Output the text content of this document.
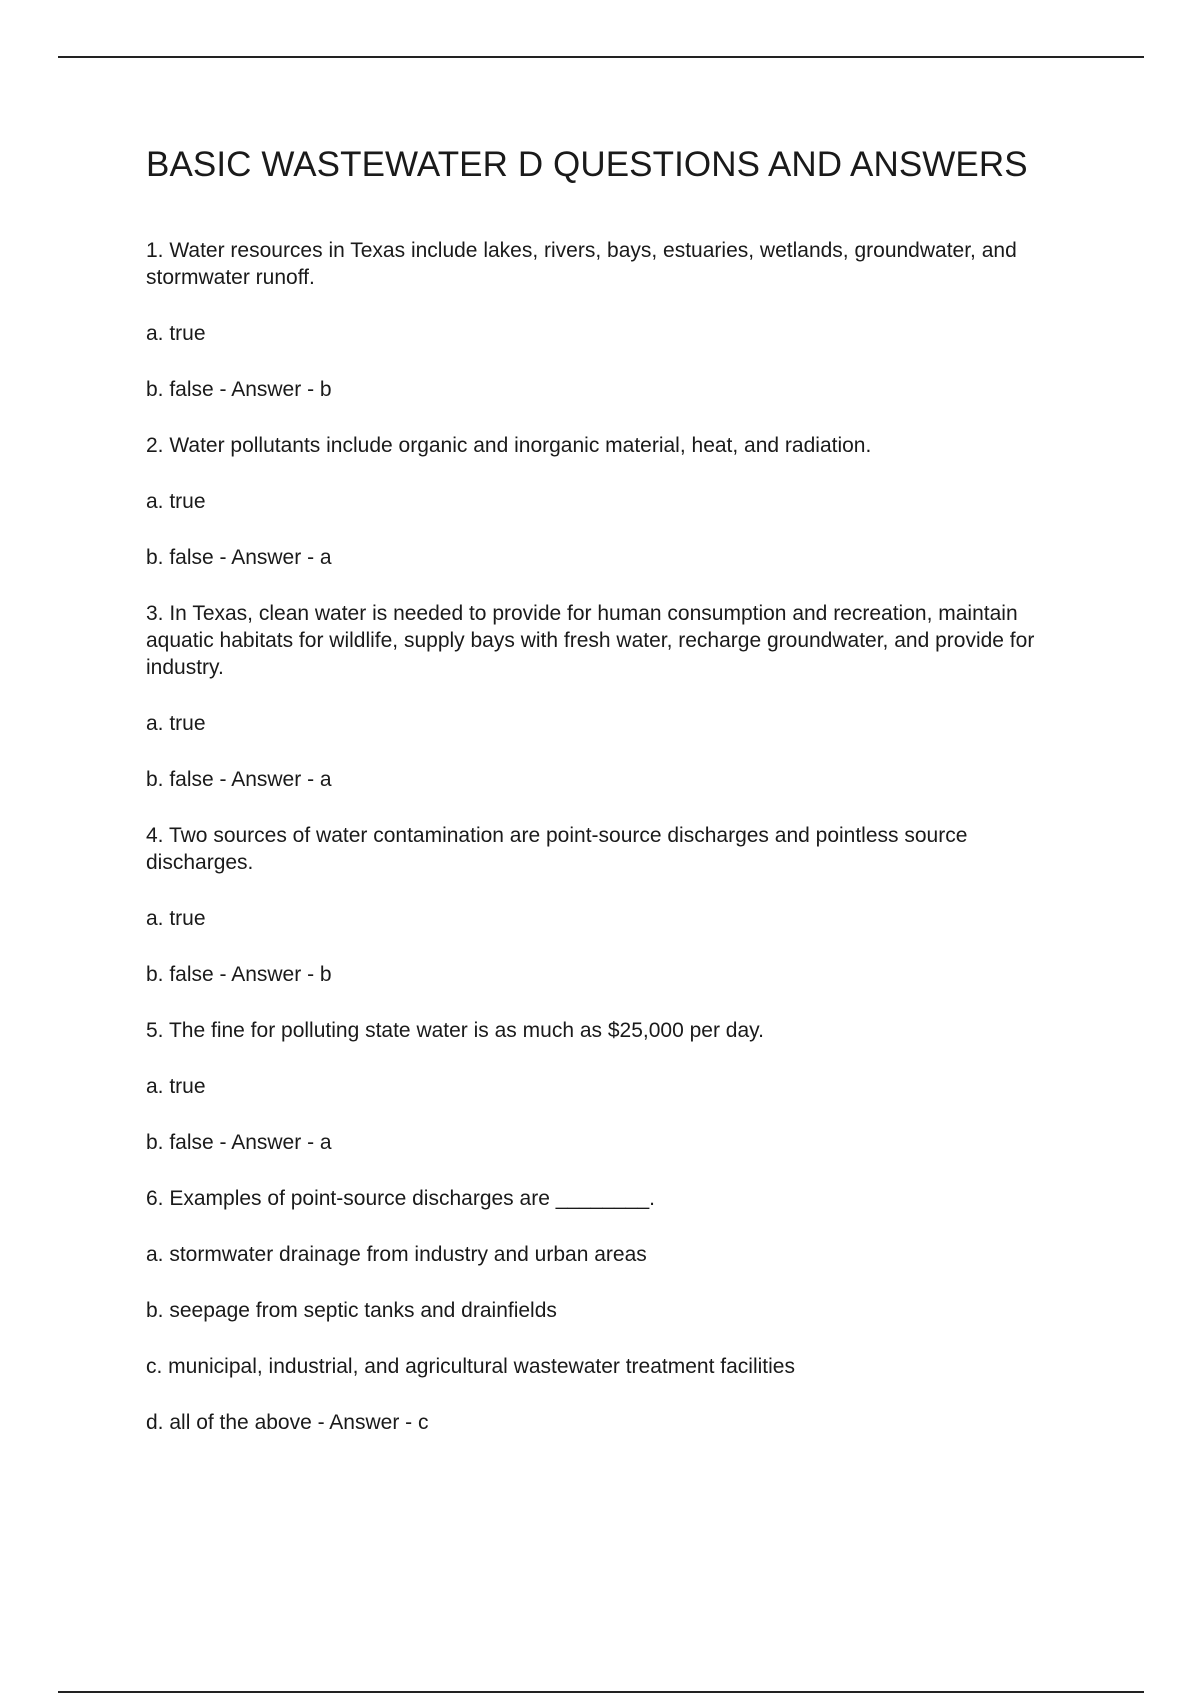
BASIC WASTEWATER D QUESTIONS AND ANSWERS

1. Water resources in Texas include lakes, rivers, bays, estuaries, wetlands, groundwater, and stormwater runoff.

a. true

b. false - Answer - b

2. Water pollutants include organic and inorganic material, heat, and radiation.

a. true

b. false - Answer - a

3. In Texas, clean water is needed to provide for human consumption and recreation, maintain aquatic habitats for wildlife, supply bays with fresh water, recharge groundwater, and provide for industry.

a. true

b. false - Answer - a

4. Two sources of water contamination are point-source discharges and pointless source discharges.

a. true

b. false - Answer - b

5. The fine for polluting state water is as much as $25,000 per day.

a. true

b. false - Answer - a

6. Examples of point-source discharges are ________.

a. stormwater drainage from industry and urban areas

b. seepage from septic tanks and drainfields

c. municipal, industrial, and agricultural wastewater treatment facilities

d. all of the above - Answer - c
